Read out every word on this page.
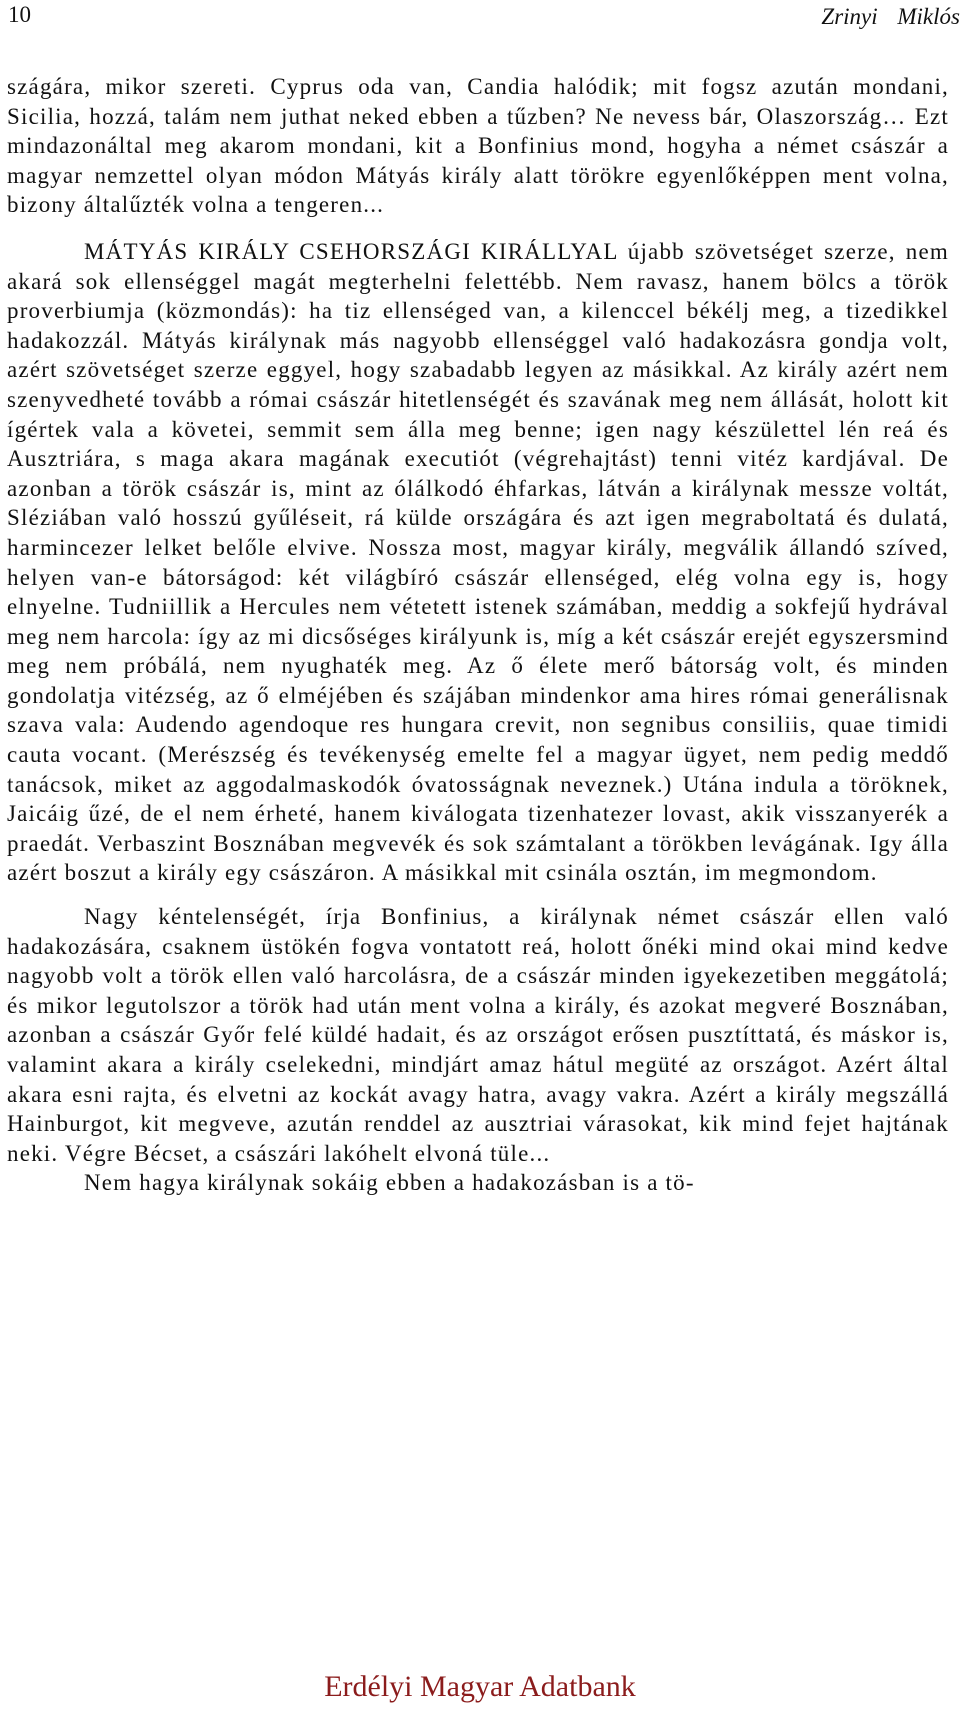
10	Zrinyi Miklós

szágára, mikor szereti. Cyprus oda van, Candia halódik; mit fogsz azután mondani, Sicilia, hozzá, talám nem juthat neked ebben a tűzben? Ne nevess bár, Olaszország… Ezt mindazonáltal meg akarom mondani, kit a Bonfinius mond, hogyha a német császár a magyar nemzettel olyan módon Mátyás király alatt törökre egyenlőképpen ment volna, bizony általűzték volna a tengeren...

MÁTYÁS KIRÁLY CSEHORSZÁGI KIRÁLLYAL újabb szövetséget szerze, nem akará sok ellenséggel magát megterhelni felettébb. Nem ravasz, hanem bölcs a török proverbiumja (közmondás): ha tiz ellenséged van, a kilenccel békélj meg, a tizedikkel hadakozzál. Mátyás királynak más nagyobb ellenséggel való hadakozásra gondja volt, azért szövetséget szerze eggyel, hogy szabadabb legyen az másikkal. Az király azért nem szenyvedheté tovább a római császár hitetlenségét és szavának meg nem állását, holott kit ígértek vala a követei, semmit sem álla meg benne; igen nagy készülettel lén reá és Ausztriára, s maga akara magának executiót (végrehajtást) tenni vitéz kardjával. De azonban a török császár is, mint az ólálkodó éhfarkas, látván a királynak messze voltát, Sléziában való hosszú gyűléseit, rá külde országára és azt igen megraboltatá és dulatá, harmincezer lelket belőle elvive. Nossza most, magyar király, megválik állandó szíved, helyen van-e bátorságod: két világbíró császár ellenséged, elég volna egy is, hogy elnyelne. Tudniillik a Hercules nem vétetett istenek számában, meddig a sokfejű hydrával meg nem harcola: így az mi dicsőséges királyunk is, míg a két császár erejét egyszersmind meg nem próbálá, nem nyughaték meg. Az ő élete merő bátorság volt, és minden gondolatja vitézség, az ő elméjében és szájában mindenkor ama hires római generálisnak szava vala: Audendo agendoque res hungara crevit, non segnibus consiliis, quae timidi cauta vocant. (Merészség és tevékenység emelte fel a magyar ügyet, nem pedig meddő tanácsok, miket az aggodalmaskodók óvatosságnak neveznek.) Utána indula a töröknek, Jaicáig űzé, de el nem érheté, hanem kiválogata tizenhatezer lovast, akik visszanyerék a praedát. Verbaszint Bosznában megvevék és sok számtalant a törökben levágának. Igy álla azért boszut a király egy császáron. A másikkal mit csinála osztán, im megmondom.

Nagy kéntelenségét, írja Bonfinius, a királynak német császár ellen való hadakozására, csaknem üstökén fogva vontatott reá, holott őnéki mind okai mind kedve nagyobb volt a török ellen való harcolásra, de a császár minden igyekezetiben meggátolá; és mikor legutolszor a török had után ment volna a király, és azokat megveré Bosznában, azonban a császár Győr felé küldé hadait, és az országot erősen pusztíttatá, és máskor is, valamint akara a király cselekedni, mindjárt amaz hátul megüté az országot. Azért által akara esni rajta, és elvetni az kockát avagy hatra, avagy vakra. Azért a király megszállá Hainburgot, kit megveve, azután renddel az ausztriai várasokat, kik mind fejet hajtának neki. Végre Bécset, a császári lakóhelt elvoná tüle...

Nem hagya királynak sokáig ebben a hadakozásban is a tö-

Erdélyi Magyar Adatbank
